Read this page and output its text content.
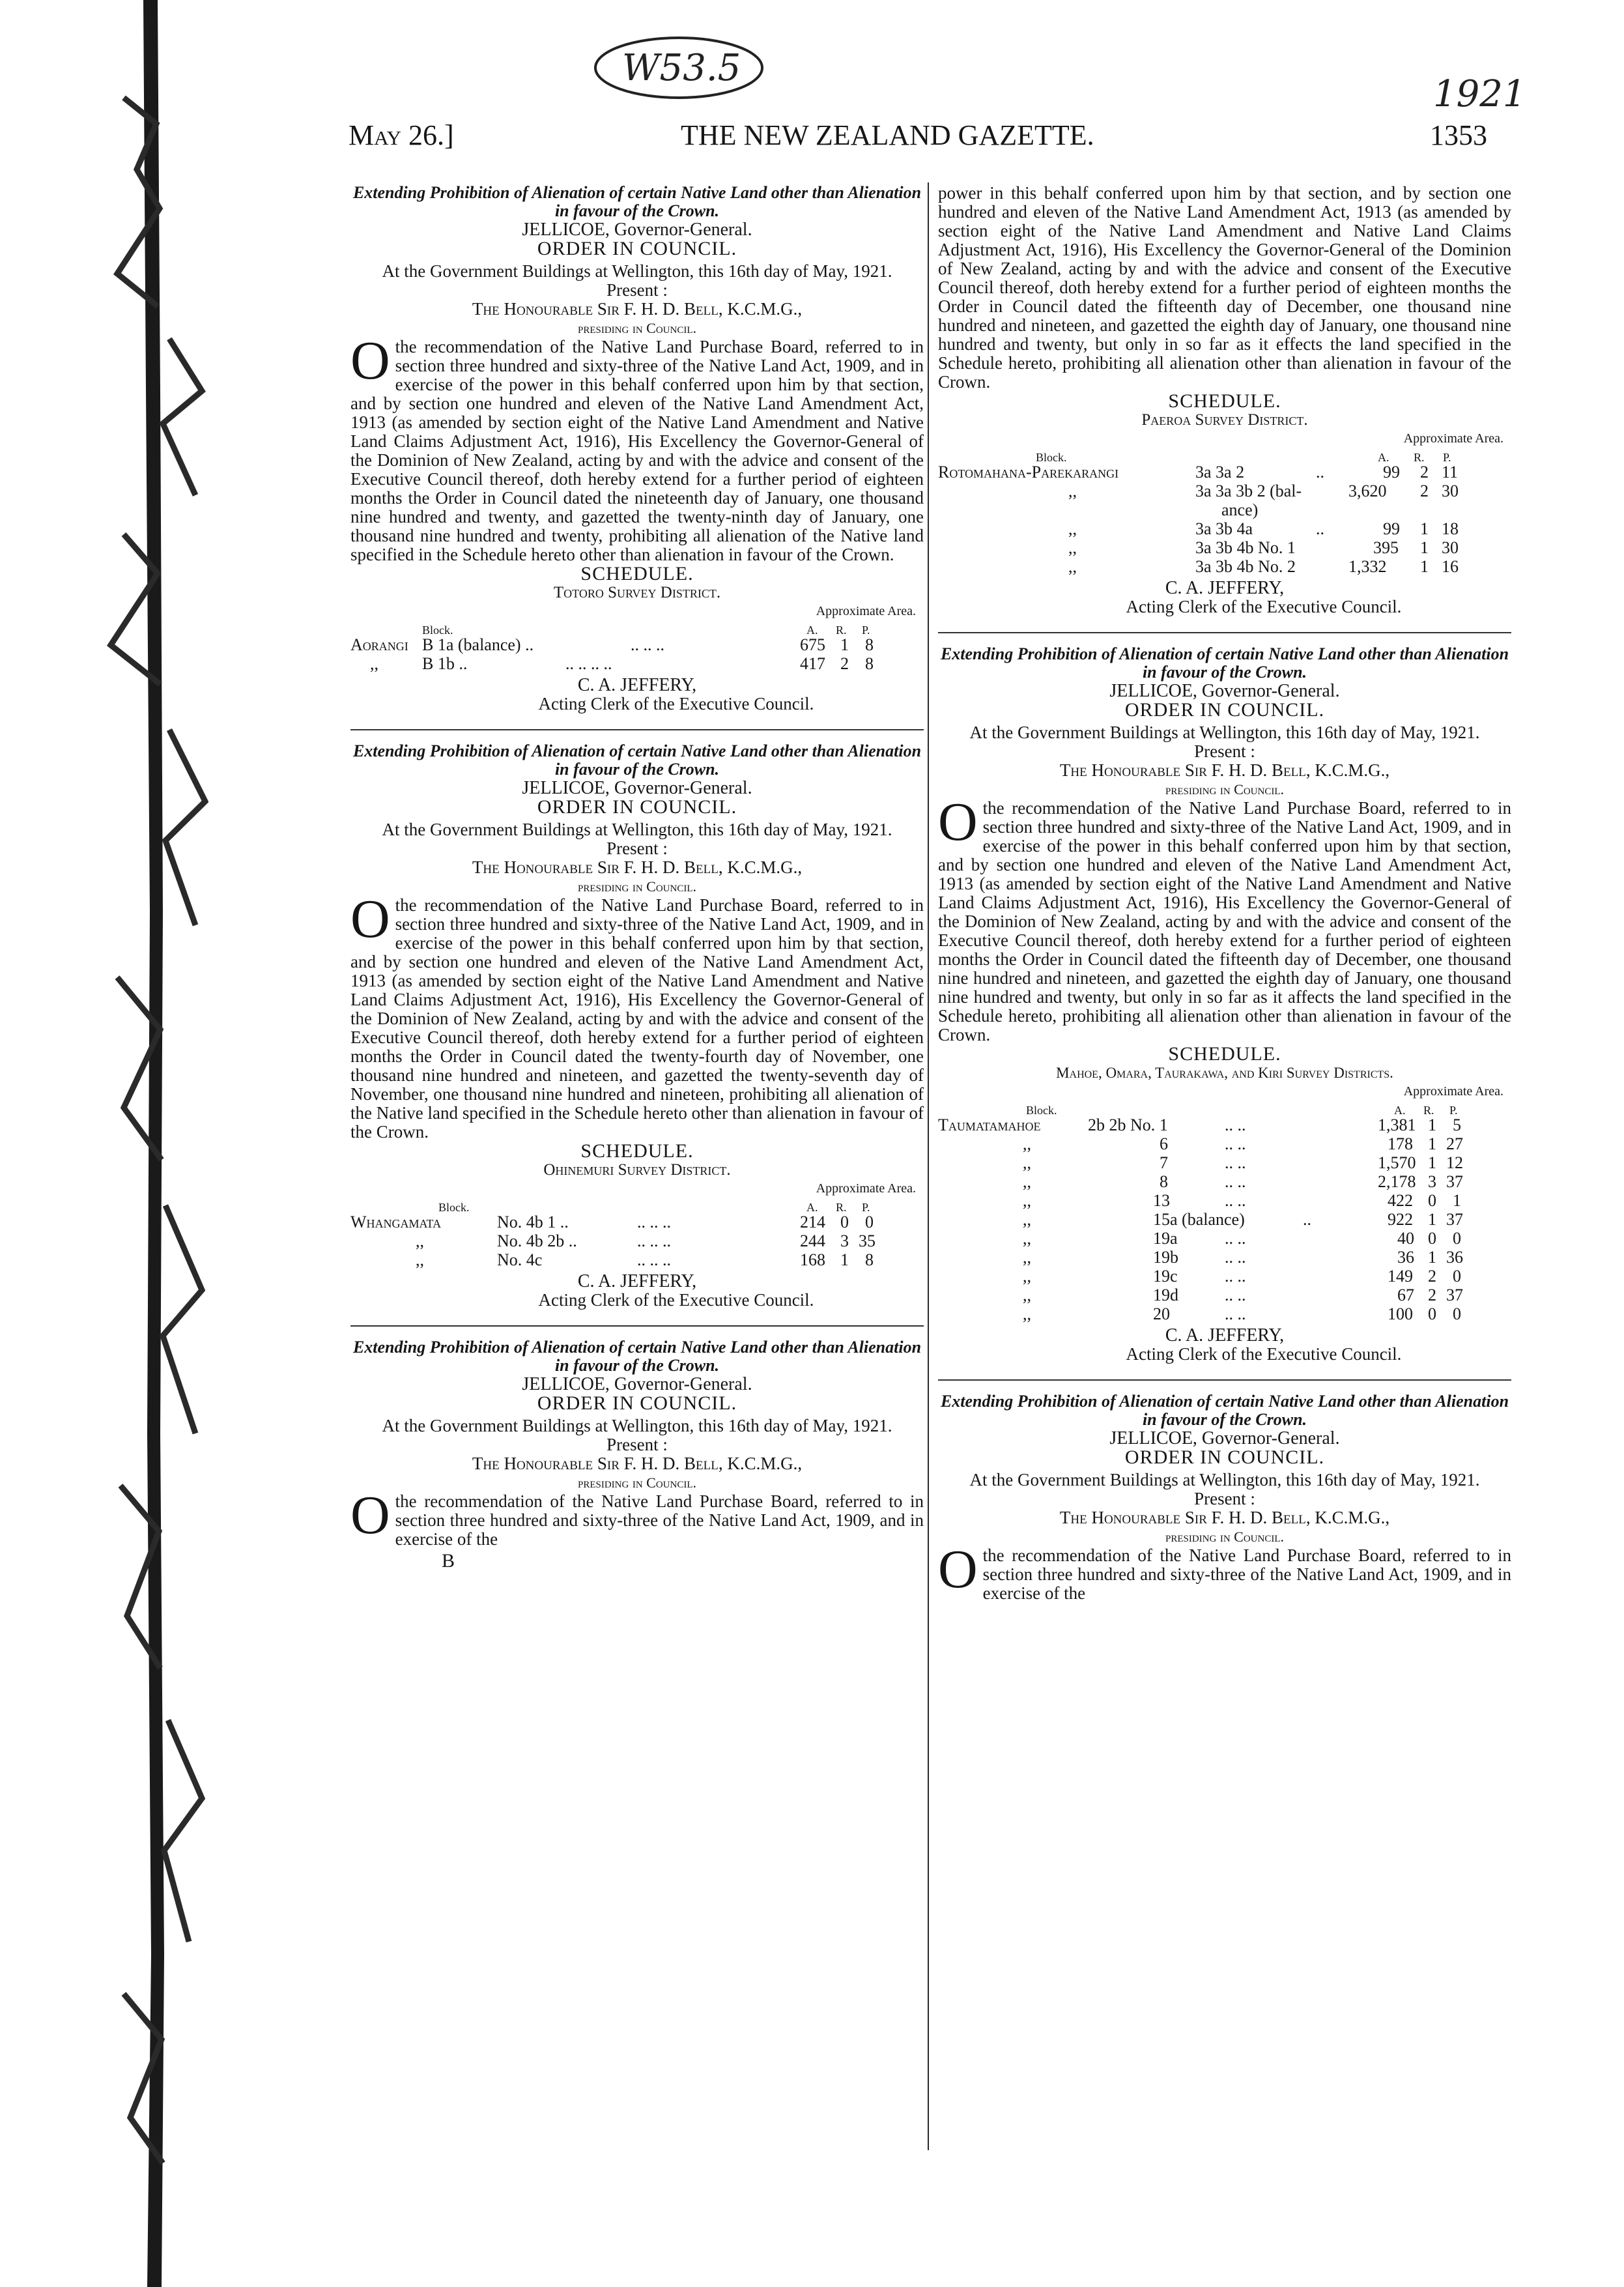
W53.5
1921
May 26.]	THE NEW ZEALAND GAZETTE.	1353

Extending Prohibition of Alienation of certain Native Land other than Alienation in favour of the Crown.

JELLICOE, Governor-General.

ORDER IN COUNCIL.

At the Government Buildings at Wellington, this 16th day of May, 1921.

Present :

The Honourable Sir F. H. D. Bell, K.C.M.G.,

presiding in Council.

Othe recommendation of the Native Land Purchase Board, referred to in section three hundred and sixty-three of the Native Land Act, 1909, and in exercise of the power in this behalf conferred upon him by that section, and by section one hundred and eleven of the Native Land Amendment Act, 1913 (as amended by section eight of the Native Land Amendment and Native Land Claims Adjustment Act, 1916), His Excellency the Governor-General of the Dominion of New Zealand, acting by and with the advice and consent of the Executive Council thereof, doth hereby extend for a further period of eighteen months the Order in Council dated the nineteenth day of January, one thousand nine hundred and twenty, and gazetted the twenty-ninth day of January, one thousand nine hundred and twenty, prohibiting all alienation of the Native land specified in the Schedule hereto other than alienation in favour of the Crown.

SCHEDULE.

Totoro Survey District.

Approximate Area.

Block.	A. R. P.
Aorangi B 1a (balance) ..	.. .. ..	675 1 8
,,	B 1b ..	.. .. .. ..	417 2 8

C. A. JEFFERY,

Acting Clerk of the Executive Council.

Extending Prohibition of Alienation of certain Native Land other than Alienation in favour of the Crown.

JELLICOE, Governor-General.

ORDER IN COUNCIL.

At the Government Buildings at Wellington, this 16th day of May, 1921.

Present :

The Honourable Sir F. H. D. Bell, K.C.M.G.,

presiding in Council.

Othe recommendation of the Native Land Purchase Board, referred to in section three hundred and sixty-three of the Native Land Act, 1909, and in exercise of the power in this behalf conferred upon him by that section, and by section one hundred and eleven of the Native Land Amendment Act, 1913 (as amended by section eight of the Native Land Amendment and Native Land Claims Adjustment Act, 1916), His Excellency the Governor-General of the Dominion of New Zealand, acting by and with the advice and consent of the Executive Council thereof, doth hereby extend for a further period of eighteen months the Order in Council dated the twenty-fourth day of November, one thousand nine hundred and nineteen, and gazetted the twenty-seventh day of November, one thousand nine hundred and nineteen, prohibiting all alienation of the Native land specified in the Schedule hereto other than alienation in favour of the Crown.

SCHEDULE.

Ohinemuri Survey District.

Approximate Area.

Block.	A. R. P.
Whangamata	No. 4b 1 ..	.. .. ..	214 0 0
,,	No. 4b 2b ..	.. .. ..	244 3 35
,,	No. 4c	.. .. ..	168 1 8

C. A. JEFFERY,

Acting Clerk of the Executive Council.

Extending Prohibition of Alienation of certain Native Land other than Alienation in favour of the Crown.

JELLICOE, Governor-General.

ORDER IN COUNCIL.

At the Government Buildings at Wellington, this 16th day of May, 1921.

Present :

The Honourable Sir F. H. D. Bell, K.C.M.G.,

presiding in Council.

Othe recommendation of the Native Land Purchase Board, referred to in section three hundred and sixty-three of the Native Land Act, 1909, and in exercise of the

B

power in this behalf conferred upon him by that section, and by section one hundred and eleven of the Native Land Amendment Act, 1913 (as amended by section eight of the Native Land Amendment and Native Land Claims Adjustment Act, 1916), His Excellency the Governor-General of the Dominion of New Zealand, acting by and with the advice and consent of the Executive Council thereof, doth hereby extend for a further period of eighteen months the Order in Council dated the fifteenth day of December, one thousand nine hundred and nineteen, and gazetted the eighth day of January, one thousand nine hundred and twenty, but only in so far as it effects the land specified in the Schedule hereto, prohibiting all alienation other than alienation in favour of the Crown.

SCHEDULE.

Paeroa Survey District.

Approximate Area.

Block.	A. R. P.
Rotomahana-Parekarangi	3a 3a 2	..	99 2 11
,,	3a 3a 3b 2 (bal-	3,620 2 30
ance)
,,	3a 3b 4a	..	99 1 18
,,	3a 3b 4b No. 1	395 1 30
,,	3a 3b 4b No. 2	1,332 1 16

C. A. JEFFERY,

Acting Clerk of the Executive Council.

Extending Prohibition of Alienation of certain Native Land other than Alienation in favour of the Crown.

JELLICOE, Governor-General.

ORDER IN COUNCIL.

At the Government Buildings at Wellington, this 16th day of May, 1921.

Present :

The Honourable Sir F. H. D. Bell, K.C.M.G.,

presiding in Council.

Othe recommendation of the Native Land Purchase Board, referred to in section three hundred and sixty-three of the Native Land Act, 1909, and in exercise of the power in this behalf conferred upon him by that section, and by section one hundred and eleven of the Native Land Amendment Act, 1913 (as amended by section eight of the Native Land Amendment and Native Land Claims Adjustment Act, 1916), His Excellency the Governor-General of the Dominion of New Zealand, acting by and with the advice and consent of the Executive Council thereof, doth hereby extend for a further period of eighteen months the Order in Council dated the fifteenth day of December, one thousand nine hundred and nineteen, and gazetted the eighth day of January, one thousand nine hundred and twenty, but only in so far as it affects the land specified in the Schedule hereto, prohibiting all alienation other than alienation in favour of the Crown.

SCHEDULE.

Mahoe, Omara, Taurakawa, and Kiri Survey Districts.

Approximate Area.

Block.	A. R. P.
Taumatamahoe	2b 2b No. 1	.. ..	1,381 1 5
,,	6	.. ..	178 1 27
,,	7	.. ..	1,570 1 12
,,	8	.. ..	2,178 3 37
,,	13	.. ..	422 0 1
,,	15a (balance)	..	922 1 37
,,	19a	.. ..	40 0 0
,,	19b	.. ..	36 1 36
,,	19c	.. ..	149 2 0
,,	19d	.. ..	67 2 37
,,	20	.. ..	100 0 0

C. A. JEFFERY,

Acting Clerk of the Executive Council.

Extending Prohibition of Alienation of certain Native Land other than Alienation in favour of the Crown.

JELLICOE, Governor-General.

ORDER IN COUNCIL.

At the Government Buildings at Wellington, this 16th day of May, 1921.

Present :

The Honourable Sir F. H. D. Bell, K.C.M.G.,

presiding in Council.

Othe recommendation of the Native Land Purchase Board, referred to in section three hundred and sixty-three of the Native Land Act, 1909, and in exercise of the
